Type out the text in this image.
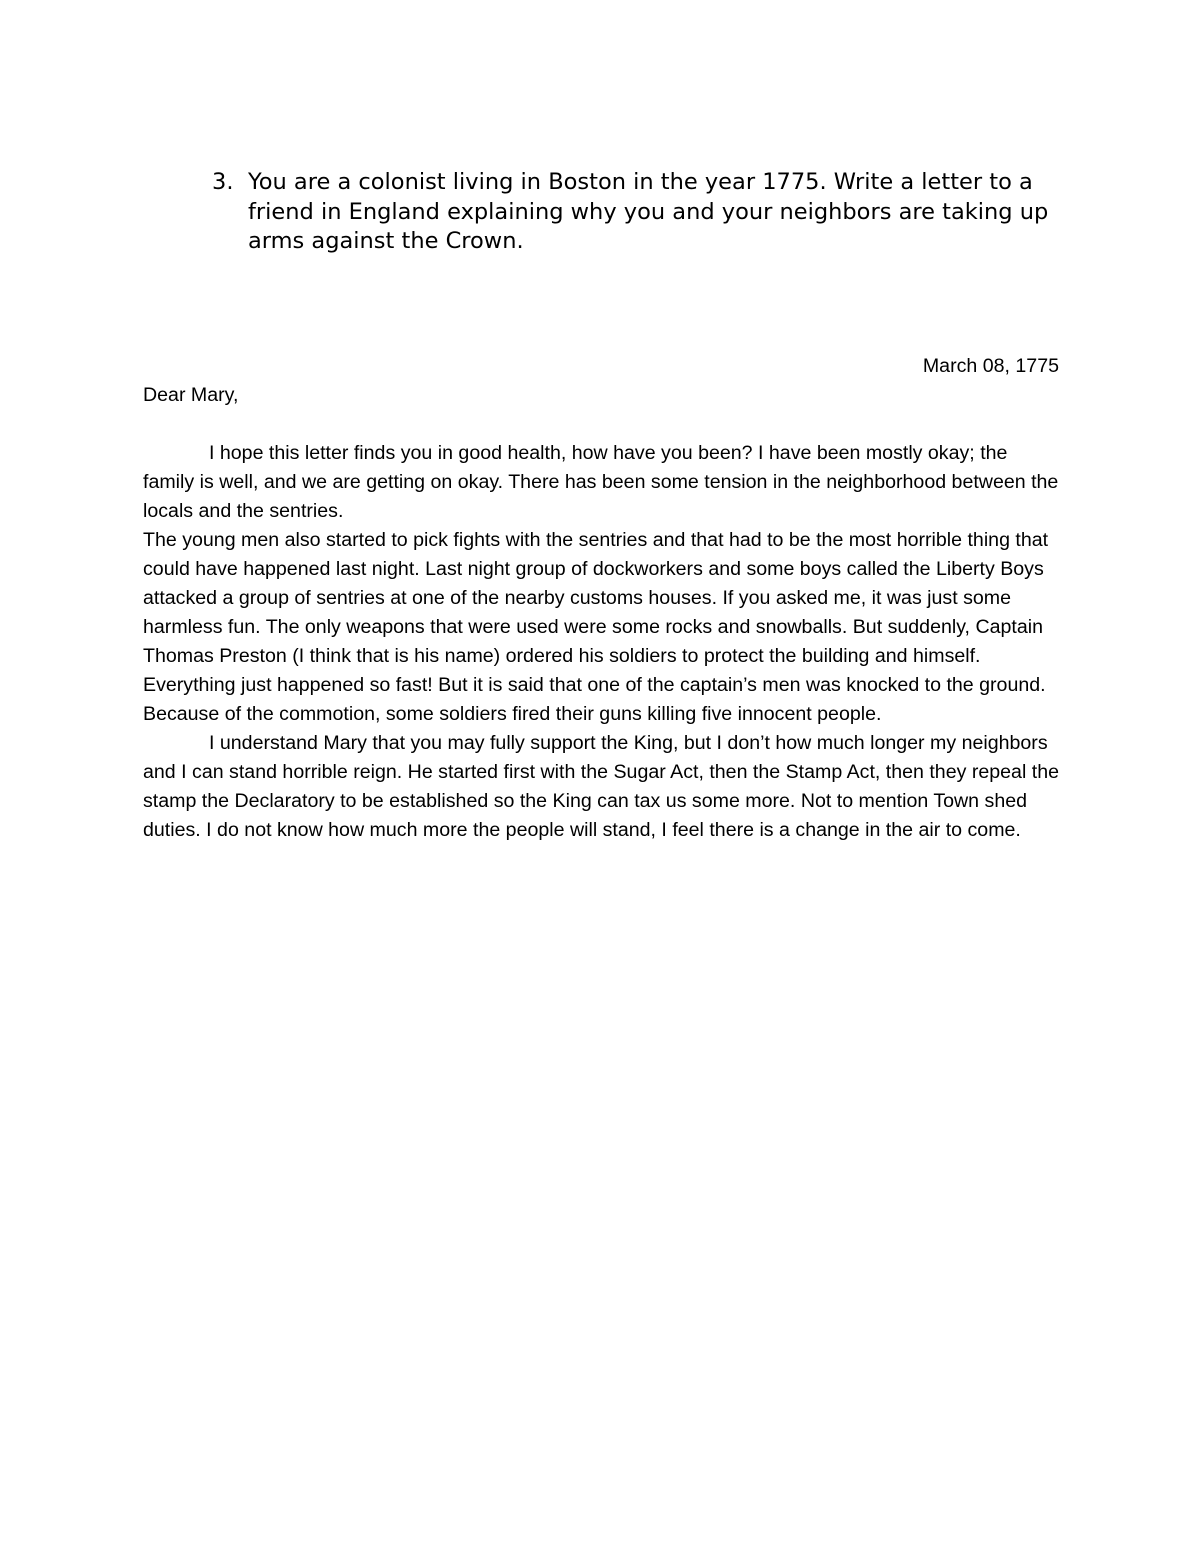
3. You are a colonist living in Boston in the year 1775. Write a letter to a friend in England explaining why you and your neighbors are taking up arms against the Crown.

March 08, 1775

Dear Mary,

I hope this letter finds you in good health, how have you been? I have been mostly okay; the family is well, and we are getting on okay. There has been some tension in the neighborhood between the locals and the sentries.

The young men also started to pick fights with the sentries and that had to be the most horrible thing that could have happened last night. Last night group of dockworkers and some boys called the Liberty Boys attacked a group of sentries at one of the nearby customs houses. If you asked me, it was just some harmless fun. The only weapons that were used were some rocks and snowballs. But suddenly, Captain Thomas Preston (I think that is his name) ordered his soldiers to protect the building and himself. Everything just happened so fast! But it is said that one of the captain’s men was knocked to the ground. Because of the commotion, some soldiers fired their guns killing five innocent people.

I understand Mary that you may fully support the King, but I don’t how much longer my neighbors and I can stand horrible reign. He started first with the Sugar Act, then the Stamp Act, then they repeal the stamp the Declaratory to be established so the King can tax us some more. Not to mention Town shed duties. I do not know how much more the people will stand, I feel there is a change in the air to come.
